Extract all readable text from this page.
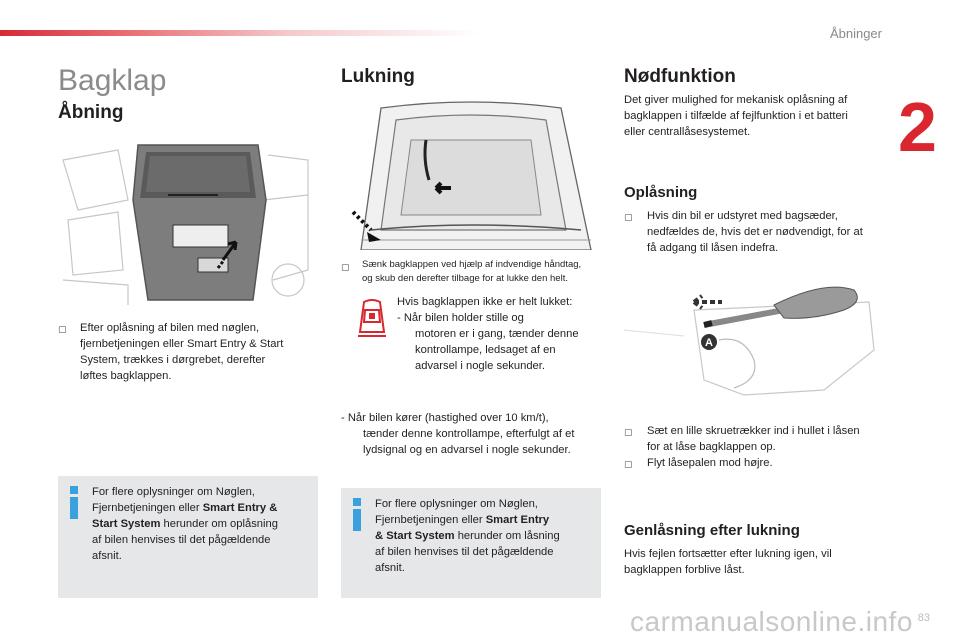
Åbninger
2
Bagklap
Åbning
▢ Efter oplåsning af bilen med nøglen,
fjernbetjeningen eller Smart Entry & Start
System, trækkes i dørgrebet, derefter
løftes bagklappen.
For flere oplysninger om Nøglen,
Fjernbetjeningen eller Smart Entry &
Start System herunder om oplåsning
af bilen henvises til det pågældende
afsnit.
Lukning
▢ Sænk bagklappen ved hjælp af indvendige håndtag,
og skub den derefter tilbage for at lukke den helt.
Hvis bagklappen ikke er helt lukket:
- Når bilen holder stille og
motoren er i gang, tænder denne
kontrollampe, ledsaget af en
advarsel i nogle sekunder.
- Når bilen kører (hastighed over 10 km/t),
tænder denne kontrollampe, efterfulgt af et
lydsignal og en advarsel i nogle sekunder.
For flere oplysninger om Nøglen,
Fjernbetjeningen eller Smart Entry
& Start System herunder om låsning
af bilen henvises til det pågældende
afsnit.
Nødfunktion
Det giver mulighed for mekanisk oplåsning af
bagklappen i tilfælde af fejlfunktion i et batteri
eller centrallåsesystemet.
Oplåsning
▢ Hvis din bil er udstyret med bagsæder,
nedfældes de, hvis det er nødvendigt, for at
få adgang til låsen indefra.
A
▢ Sæt en lille skruetrækker ind i hullet i låsen
for at låse bagklappen op.
▢ Flyt låsepalen mod højre.
Genlåsning efter lukning
Hvis fejlen fortsætter efter lukning igen, vil
bagklappen forblive låst.
carmanualsonline.info 83
